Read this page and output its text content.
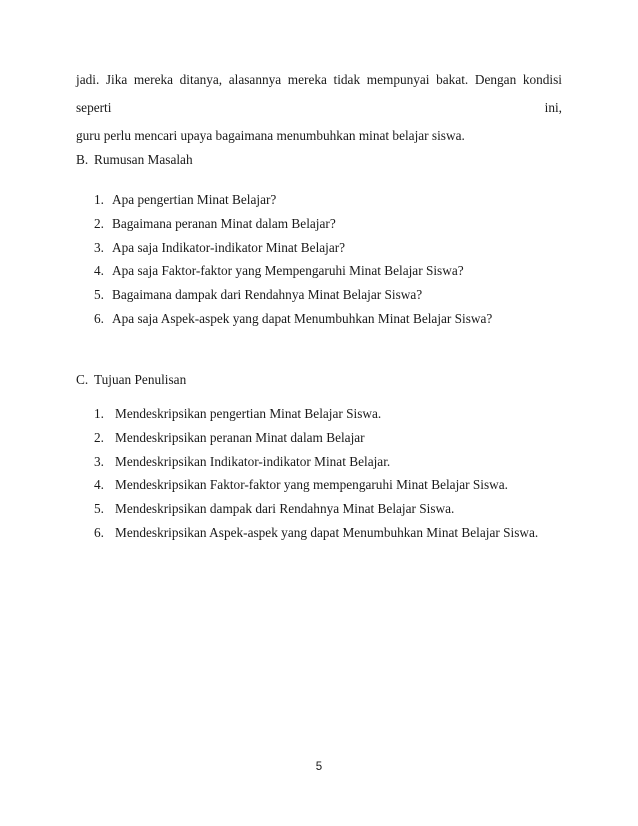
jadi. Jika mereka ditanya, alasannya mereka tidak mempunyai bakat. Dengan kondisi seperti ini,

guru perlu mencari upaya bagaimana menumbuhkan minat belajar siswa.

B. Rumusan Masalah
1. Apa pengertian Minat Belajar?
2. Bagaimana peranan Minat dalam Belajar?
3. Apa saja Indikator-indikator Minat Belajar?
4. Apa saja Faktor-faktor yang Mempengaruhi Minat Belajar Siswa?
5. Bagaimana dampak dari Rendahnya Minat Belajar Siswa?
6. Apa saja Aspek-aspek yang dapat Menumbuhkan Minat Belajar Siswa?
C. Tujuan Penulisan
1. Mendeskripsikan pengertian Minat Belajar Siswa.
2. Mendeskripsikan peranan Minat dalam Belajar
3. Mendeskripsikan Indikator-indikator Minat Belajar.
4. Mendeskripsikan Faktor-faktor yang mempengaruhi Minat Belajar Siswa.
5. Mendeskripsikan dampak dari Rendahnya Minat Belajar Siswa.
6. Mendeskripsikan Aspek-aspek yang dapat Menumbuhkan Minat Belajar Siswa.
5
